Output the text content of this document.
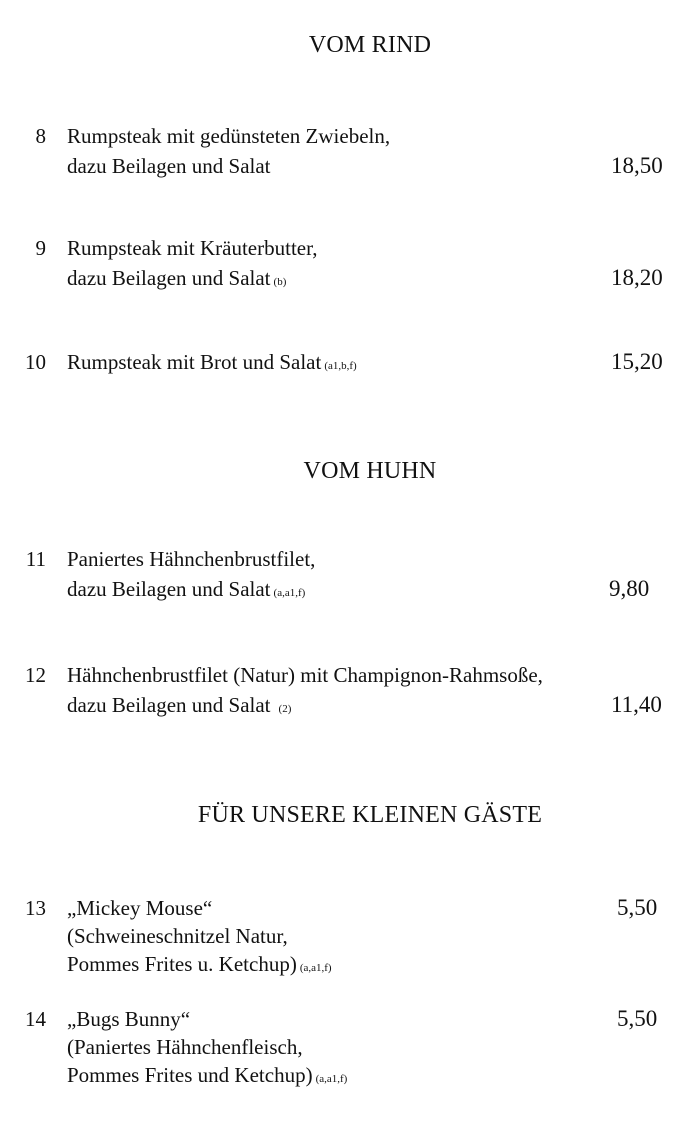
VOM RIND
8 Rumpsteak mit gedünsteten Zwiebeln,
dazu Beilagen und Salat	18,50
9 Rumpsteak mit Kräuterbutter,
dazu Beilagen und Salat (b)	18,20
10 Rumpsteak mit Brot und Salat (a1,b,f)	15,20
VOM HUHN
11 Paniertes Hähnchenbrustfilet,
dazu Beilagen und Salat (a,a1,f)	9,80
12 Hähnchenbrustfilet (Natur) mit Champignon-Rahmsoße,
dazu Beilagen und Salat (2)	11,40
FÜR UNSERE KLEINEN GÄSTE
13 „Mickey Mouse“
(Schweineschnitzel Natur,
Pommes Frites u. Ketchup) (a,a1,f)
5,50
14 „Bugs Bunny“
(Paniertes Hähnchenfleisch,
Pommes Frites und Ketchup) (a,a1,f)
5,50
